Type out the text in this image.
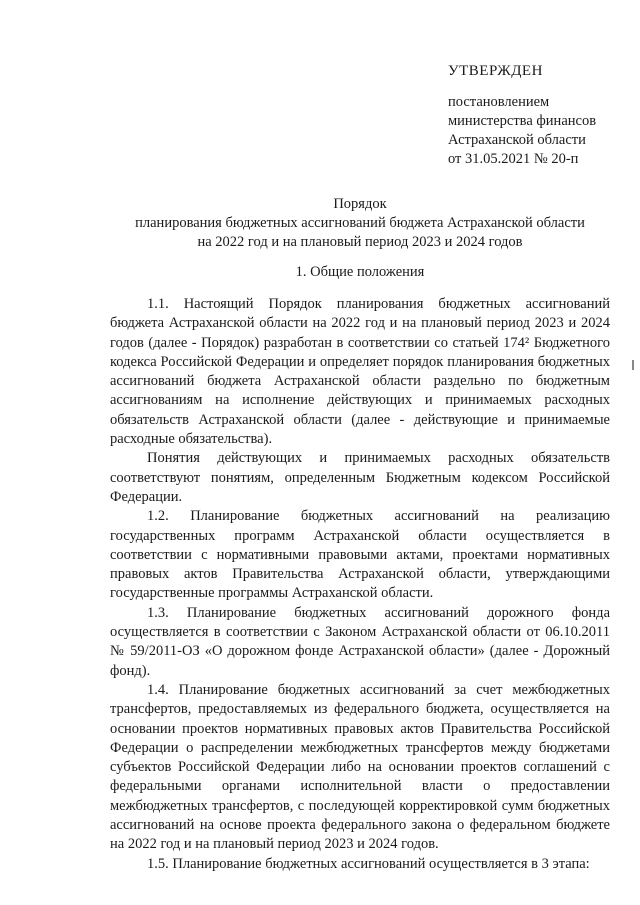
УТВЕРЖДЕН
постановлением
министерства финансов
Астраханской области
от 31.05.2021 № 20-п
Порядок
планирования бюджетных ассигнований бюджета Астраханской области
на 2022 год и на плановый период 2023 и 2024 годов
1. Общие положения

1.1. Настоящий Порядок планирования бюджетных ассигнований бюджета Астраханской области на 2022 год и на плановый период 2023 и 2024 годов (далее - Порядок) разработан в соответствии со статьей 174² Бюджетного кодекса Российской Федерации и определяет порядок планирования бюджетных ассигнований бюджета Астраханской области раздельно по бюджетным ассигнованиям на исполнение действующих и принимаемых расходных обязательств Астраханской области (далее - действующие и принимаемые расходные обязательства).

Понятия действующих и принимаемых расходных обязательств соответствуют понятиям, определенным Бюджетным кодексом Российской Федерации.

1.2. Планирование бюджетных ассигнований на реализацию государственных программ Астраханской области осуществляется в соответствии с нормативными правовыми актами, проектами нормативных правовых актов Правительства Астраханской области, утверждающими государственные программы Астраханской области.

1.3. Планирование бюджетных ассигнований дорожного фонда осуществляется в соответствии с Законом Астраханской области от 06.10.2011 № 59/2011-ОЗ «О дорожном фонде Астраханской области» (далее - Дорожный фонд).

1.4. Планирование бюджетных ассигнований за счет межбюджетных трансфертов, предоставляемых из федерального бюджета, осуществляется на основании проектов нормативных правовых актов Правительства Российской Федерации о распределении межбюджетных трансфертов между бюджетами субъектов Российской Федерации либо на основании проектов соглашений с федеральными органами исполнительной власти о предоставлении межбюджетных трансфертов, с последующей корректировкой сумм бюджетных ассигнований на основе проекта федерального закона о федеральном бюджете на 2022 год и на плановый период 2023 и 2024 годов.

1.5. Планирование бюджетных ассигнований осуществляется в 3 этапа:
